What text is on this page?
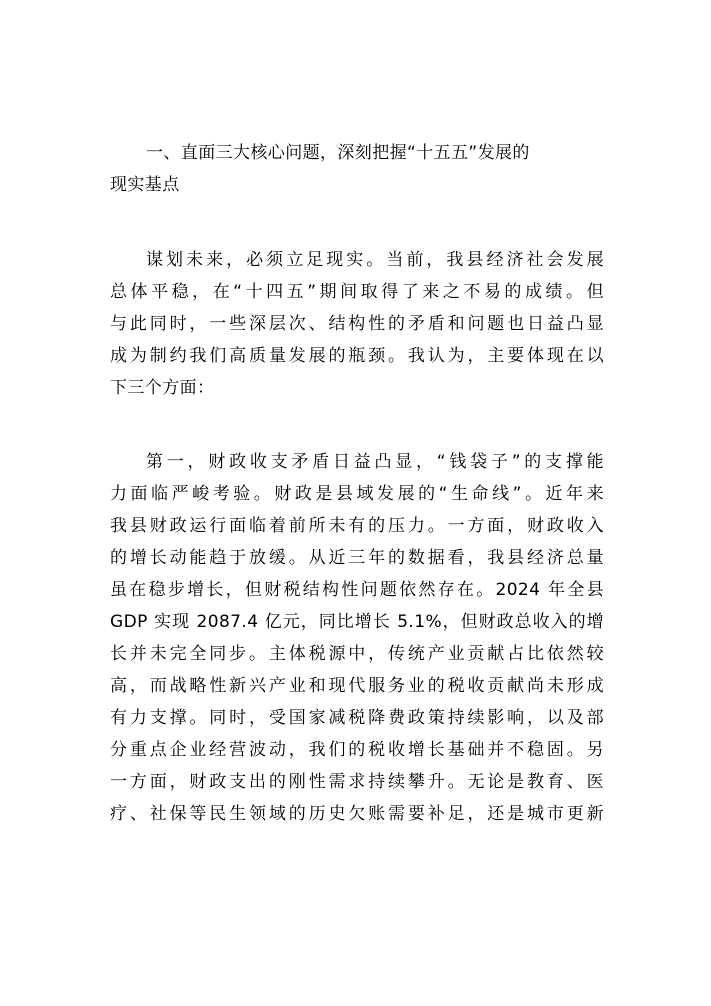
一、直面三大核心问题，深刻把握“十五五”发展的
现实基点
谋划未来，必须立足现实。当前，我县经济社会发展
总体平稳，在“十四五”期间取得了来之不易的成绩。但
与此同时，一些深层次、结构性的矛盾和问题也日益凸显
成为制约我们高质量发展的瓶颈。我认为，主要体现在以
下三个方面：
第一，财政收支矛盾日益凸显，“钱袋子”的支撑能
力面临严峻考验。财政是县域发展的“生命线”。近年来
我县财政运行面临着前所未有的压力。一方面，财政收入
的增长动能趋于放缓。从近三年的数据看，我县经济总量
虽在稳步增长，但财税结构性问题依然存在。2024 年全县
GDP 实现 2087.4 亿元，同比增长 5.1%，但财政总收入的增
长并未完全同步。主体税源中，传统产业贡献占比依然较
高，而战略性新兴产业和现代服务业的税收贡献尚未形成
有力支撑。同时，受国家减税降费政策持续影响，以及部
分重点企业经营波动，我们的税收增长基础并不稳固。另
一方面，财政支出的刚性需求持续攀升。无论是教育、医
疗、社保等民生领域的历史欠账需要补足，还是城市更新
